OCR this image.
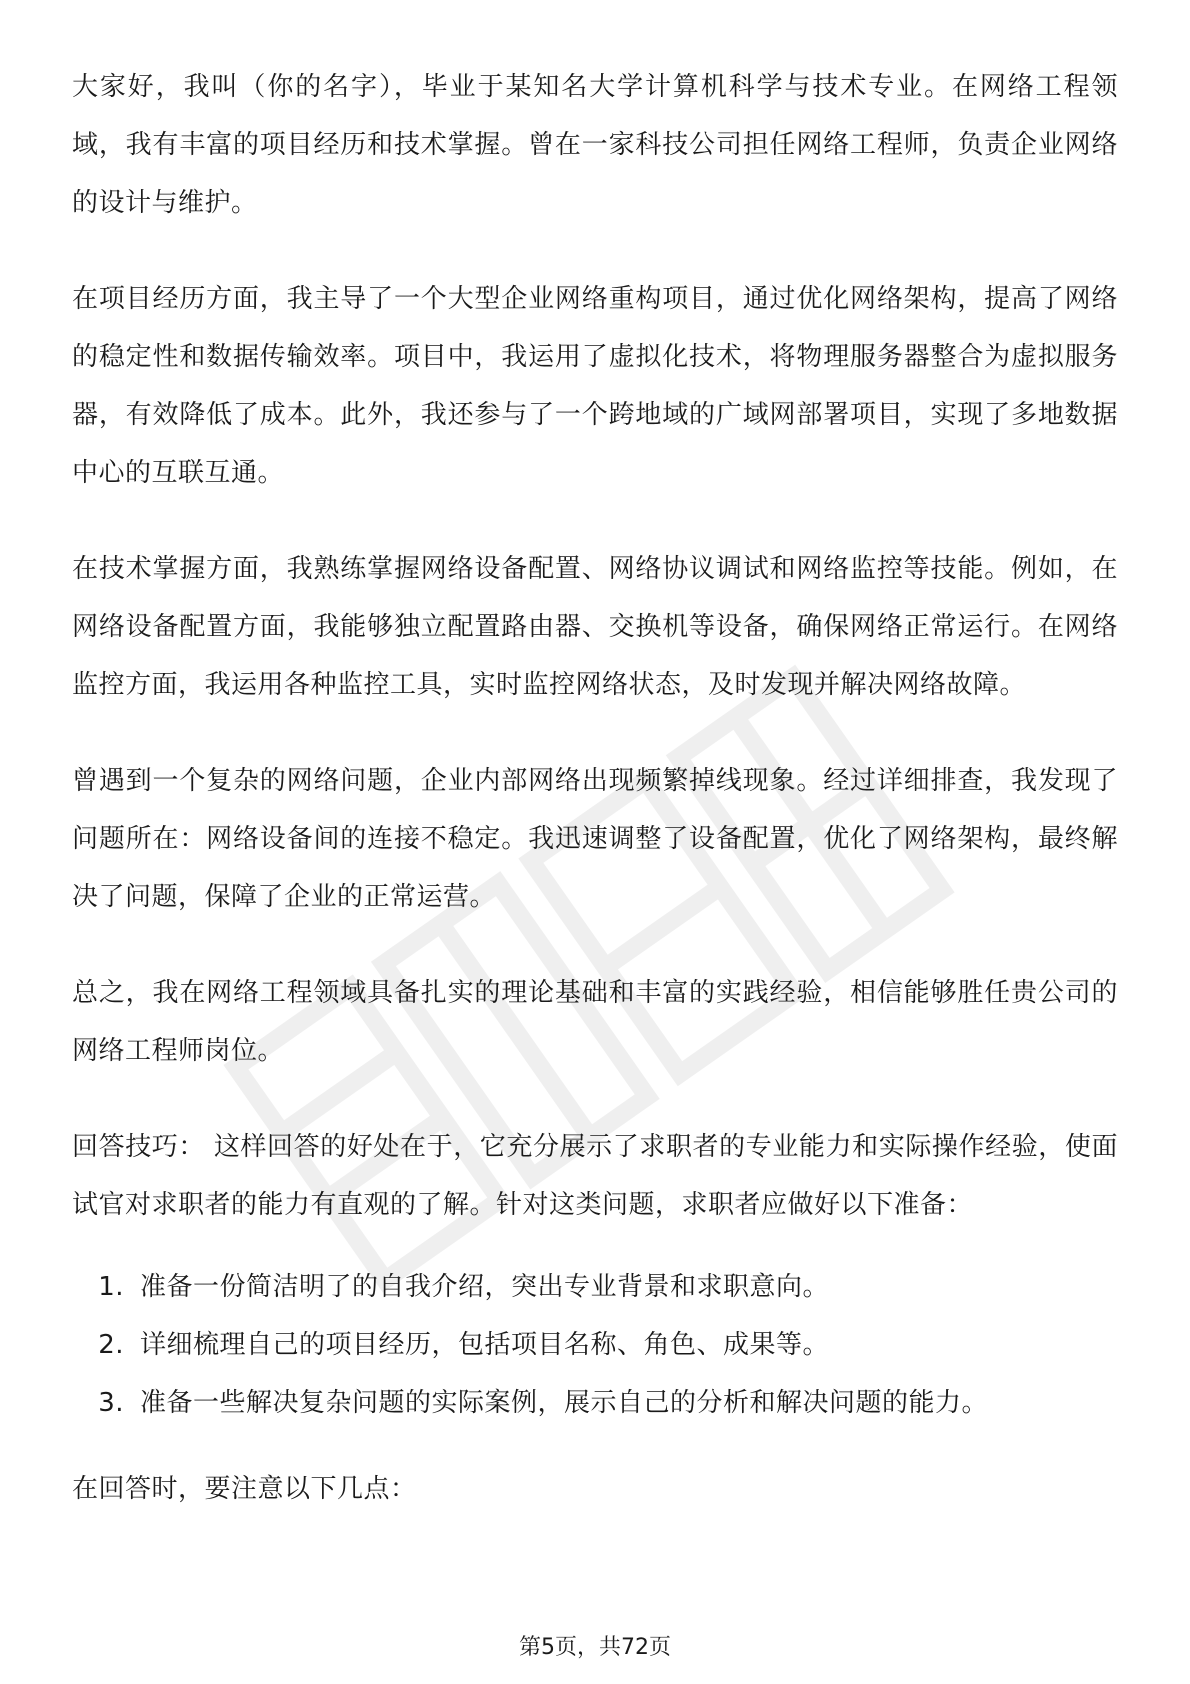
大家好，我叫（你的名字），毕业于某知名大学计算机科学与技术专业。在网络工程领域，我有丰富的项目经历和技术掌握。曾在一家科技公司担任网络工程师，负责企业网络的设计与维护。

在项目经历方面，我主导了一个大型企业网络重构项目，通过优化网络架构，提高了网络的稳定性和数据传输效率。项目中，我运用了虚拟化技术，将物理服务器整合为虚拟服务器，有效降低了成本。此外，我还参与了一个跨地域的广域网部署项目，实现了多地数据中心的互联互通。

在技术掌握方面，我熟练掌握网络设备配置、网络协议调试和网络监控等技能。例如，在网络设备配置方面，我能够独立配置路由器、交换机等设备，确保网络正常运行。在网络监控方面，我运用各种监控工具，实时监控网络状态，及时发现并解决网络故障。

曾遇到一个复杂的网络问题，企业内部网络出现频繁掉线现象。经过详细排查，我发现了问题所在：网络设备间的连接不稳定。我迅速调整了设备配置，优化了网络架构，最终解决了问题，保障了企业的正常运营。

总之，我在网络工程领域具备扎实的理论基础和丰富的实践经验，相信能够胜任贵公司的网络工程师岗位。

回答技巧： 这样回答的好处在于，它充分展示了求职者的专业能力和实际操作经验，使面试官对求职者的能力有直观的了解。针对这类问题，求职者应做好以下准备：

1. 准备一份简洁明了的自我介绍，突出专业背景和求职意向。
2. 详细梳理自己的项目经历，包括项目名称、角色、成果等。
3. 准备一些解决复杂问题的实际案例，展示自己的分析和解决问题的能力。

在回答时，要注意以下几点：

第5页，共72页
